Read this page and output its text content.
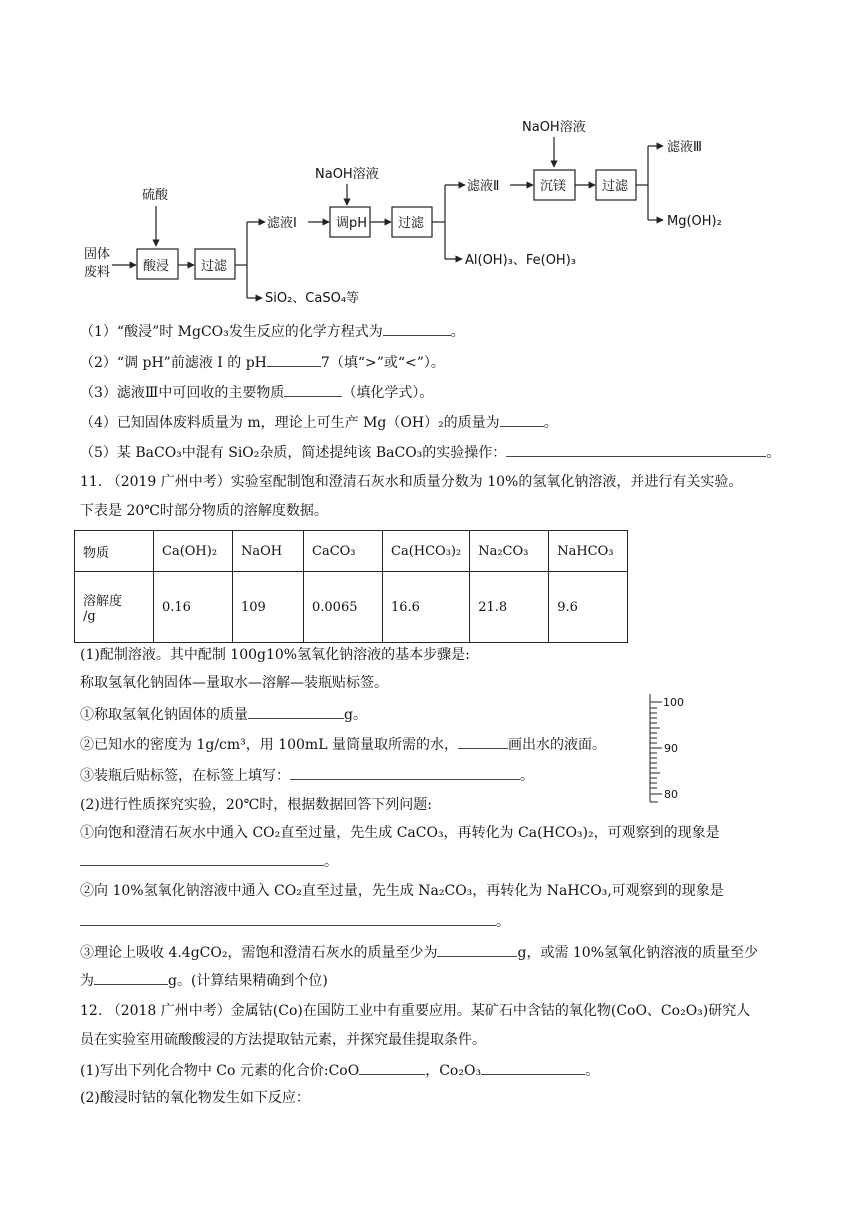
硫酸
固体
废料	酸浸 过滤
滤液Ⅰ
SiO₂、CaSO₄等
NaOH溶液
调pH 过滤
滤液Ⅱ
Al(OH)₃、Fe(OH)₃
NaOH溶液
沉镁	过滤
滤液Ⅲ
Mg(OH)₂
（1）“酸浸”时 MgCO₃发生反应的化学方程式为	。
（2）“调 pH”前滤液 I 的 pH	7（填“>”或“<”）。
（3）滤液Ⅲ中可回收的主要物质	（填化学式）。
（4）已知固体废料质量为 m，理论上可生产 Mg（OH）₂的质量为	。
（5）某 BaCO₃中混有 SiO₂杂质，简述提纯该 BaCO₃的实验操作：	。
11. （2019 广州中考）实验室配制饱和澄清石灰水和质量分数为 10%的氢氧化钠溶液，并进行有关实验。
下表是 20℃时部分物质的溶解度数据。
物质	Ca(OH)₂	NaOH	CaCO₃	Ca(HCO₃)₂	Na₂CO₃	NaHCO₃
溶解度
/g	0.16	109	0.0065	16.6	21.8	9.6
(1)配制溶液。其中配制 100g10%氢氧化钠溶液的基本步骤是:
称取氢氧化钠固体—量取水—溶解—装瓶贴标签。
①称取氢氧化钠固体的质量	g。
②已知水的密度为 1g/cm³，用 100mL 量筒量取所需的水，	画出水的液面。
③装瓶后贴标签，在标签上填写：	。
(2)进行性质探究实验，20℃时，根据数据回答下列问题:
①向饱和澄清石灰水中通入 CO₂直至过量，先生成 CaCO₃，再转化为 Ca(HCO₃)₂，可观察到的现象是
。
②向 10%氢氧化钠溶液中通入 CO₂直至过量，先生成 Na₂CO₃，再转化为 NaHCO₃,可观察到的现象是
。
③理论上吸收 4.4gCO₂，需饱和澄清石灰水的质量至少为	g，或需 10%氢氧化钠溶液的质量至少
为	g。(计算结果精确到个位)
100
90
80
12. （2018 广州中考）金属钴(Co)在国防工业中有重要应用。某矿石中含钴的氧化物(CoO、Co₂O₃)研究人
员在实验室用硫酸酸浸的方法提取钴元素，并探究最佳提取条件。
(1)写出下列化合物中 Co 元素的化合价:CoO	，Co₂O₃	。
(2)酸浸时钴的氧化物发生如下反应：
